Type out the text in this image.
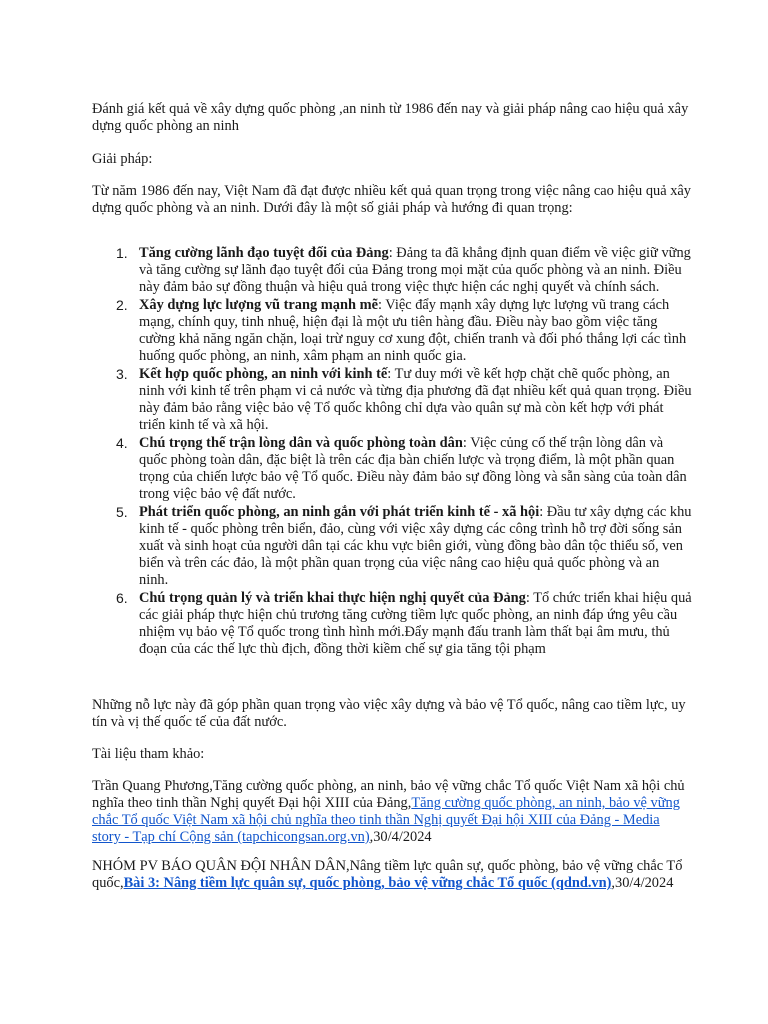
Đánh giá kết quả về xây dựng quốc phòng ,an ninh từ 1986 đến nay và giải pháp nâng cao hiệu quả xây dựng quốc phòng an ninh

Giải pháp:

Từ năm 1986 đến nay, Việt Nam đã đạt được nhiều kết quả quan trọng trong việc nâng cao hiệu quả xây dựng quốc phòng và an ninh. Dưới đây là một số giải pháp và hướng đi quan trọng:

1. Tăng cường lãnh đạo tuyệt đối của Đảng: Đảng ta đã khẳng định quan điểm về việc giữ vững và tăng cường sự lãnh đạo tuyệt đối của Đảng trong mọi mặt của quốc phòng và an ninh. Điều này đảm bảo sự đồng thuận và hiệu quả trong việc thực hiện các nghị quyết và chính sách.
2. Xây dựng lực lượng vũ trang mạnh mẽ: Việc đẩy mạnh xây dựng lực lượng vũ trang cách mạng, chính quy, tinh nhuệ, hiện đại là một ưu tiên hàng đầu. Điều này bao gồm việc tăng cường khả năng ngăn chặn, loại trừ nguy cơ xung đột, chiến tranh và đối phó thắng lợi các tình huống quốc phòng, an ninh, xâm phạm an ninh quốc gia.
3. Kết hợp quốc phòng, an ninh với kinh tế: Tư duy mới về kết hợp chặt chẽ quốc phòng, an ninh với kinh tế trên phạm vi cả nước và từng địa phương đã đạt nhiều kết quả quan trọng. Điều này đảm bảo rằng việc bảo vệ Tổ quốc không chỉ dựa vào quân sự mà còn kết hợp với phát triển kinh tế và xã hội.
4. Chú trọng thế trận lòng dân và quốc phòng toàn dân: Việc củng cố thế trận lòng dân và quốc phòng toàn dân, đặc biệt là trên các địa bàn chiến lược và trọng điểm, là một phần quan trọng của chiến lược bảo vệ Tổ quốc. Điều này đảm bảo sự đồng lòng và sẵn sàng của toàn dân trong việc bảo vệ đất nước.
5. Phát triển quốc phòng, an ninh gắn với phát triển kinh tế - xã hội: Đầu tư xây dựng các khu kinh tế - quốc phòng trên biển, đảo, cùng với việc xây dựng các công trình hỗ trợ đời sống sản xuất và sinh hoạt của người dân tại các khu vực biên giới, vùng đồng bào dân tộc thiểu số, ven biển và trên các đảo, là một phần quan trọng của việc nâng cao hiệu quả quốc phòng và an ninh.
6. Chú trọng quản lý và triển khai thực hiện nghị quyết của Đảng: Tổ chức triển khai hiệu quả các giải pháp thực hiện chủ trương tăng cường tiềm lực quốc phòng, an ninh đáp ứng yêu cầu nhiệm vụ bảo vệ Tổ quốc trong tình hình mới.Đẩy mạnh đấu tranh làm thất bại âm mưu, thủ đoạn của các thế lực thù địch, đồng thời kiềm chế sự gia tăng tội phạm

Những nỗ lực này đã góp phần quan trọng vào việc xây dựng và bảo vệ Tổ quốc, nâng cao tiềm lực, uy tín và vị thế quốc tế của đất nước.

Tài liệu tham khảo:

Trần Quang Phương,Tăng cường quốc phòng, an ninh, bảo vệ vững chắc Tổ quốc Việt Nam xã hội chủ nghĩa theo tinh thần Nghị quyết Đại hội XIII của Đảng,Tăng cường quốc phòng, an ninh, bảo vệ vững chắc Tổ quốc Việt Nam xã hội chủ nghĩa theo tinh thần Nghị quyết Đại hội XIII của Đảng - Media story - Tạp chí Cộng sản (tapchicongsan.org.vn),30/4/2024

NHÓM PV BÁO QUÂN ĐỘI NHÂN DÂN,Nâng tiềm lực quân sự, quốc phòng, bảo vệ vững chắc Tổ quốc,Bài 3: Nâng tiềm lực quân sự, quốc phòng, bảo vệ vững chắc Tổ quốc (qdnd.vn),30/4/2024
